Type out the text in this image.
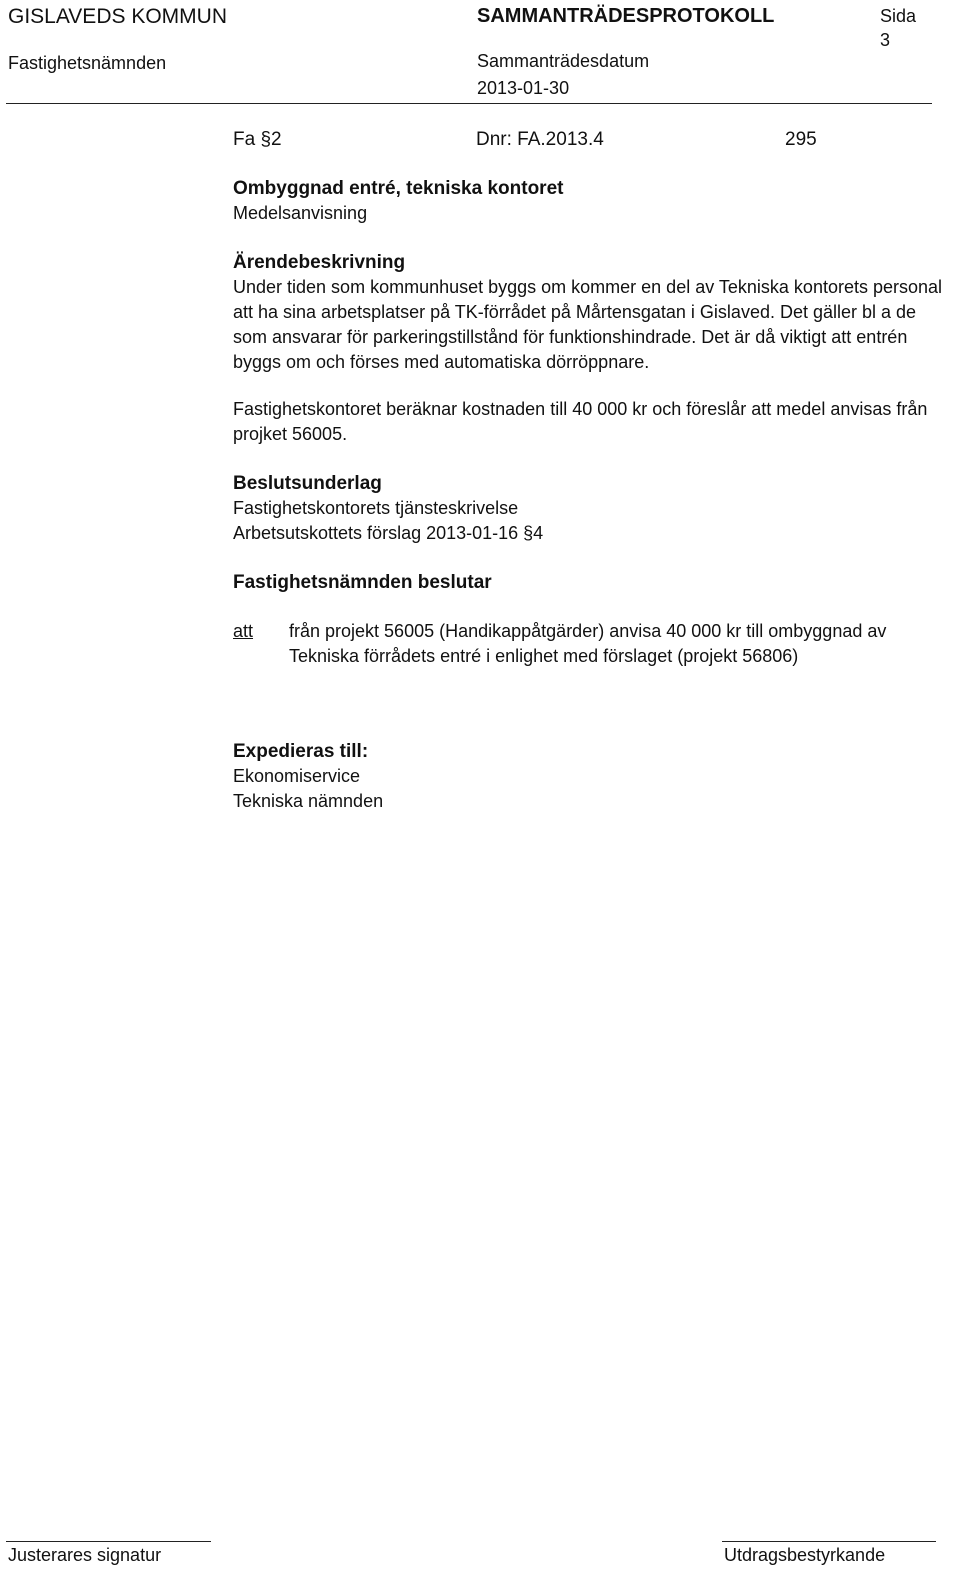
GISLAVEDS KOMMUN	SAMMANTRÄDESPROTOKOLL	Sida
3
Fastighetsnämnden	Sammanträdesdatum
2013-01-30
Fa §2	Dnr: FA.2013.4	295

Ombyggnad entré, tekniska kontoret

Medelsanvisning

Ärendebeskrivning

Under tiden som kommunhuset byggs om kommer en del av Tekniska kontorets personal att ha sina arbetsplatser på TK-förrådet på Mårtensgatan i Gislaved. Det gäller bl a de som ansvarar för parkeringstillstånd för funktionshindrade. Det är då viktigt att entrén byggs om och förses med automatiska dörröppnare.

Fastighetskontoret beräknar kostnaden till 40 000 kr och föreslår att medel anvisas från projket 56005.

Beslutsunderlag

Fastighetskontorets tjänsteskrivelse

Arbetsutskottets förslag 2013-01-16 §4

Fastighetsnämnden beslutar

att från projekt 56005 (Handikappåtgärder) anvisa 40 000 kr till ombyggnad av Tekniska förrådets entré i enlighet med förslaget (projekt 56806)

Expedieras till:

Ekonomiservice

Tekniska nämnden

Justerares signatur	Utdragsbestyrkande
